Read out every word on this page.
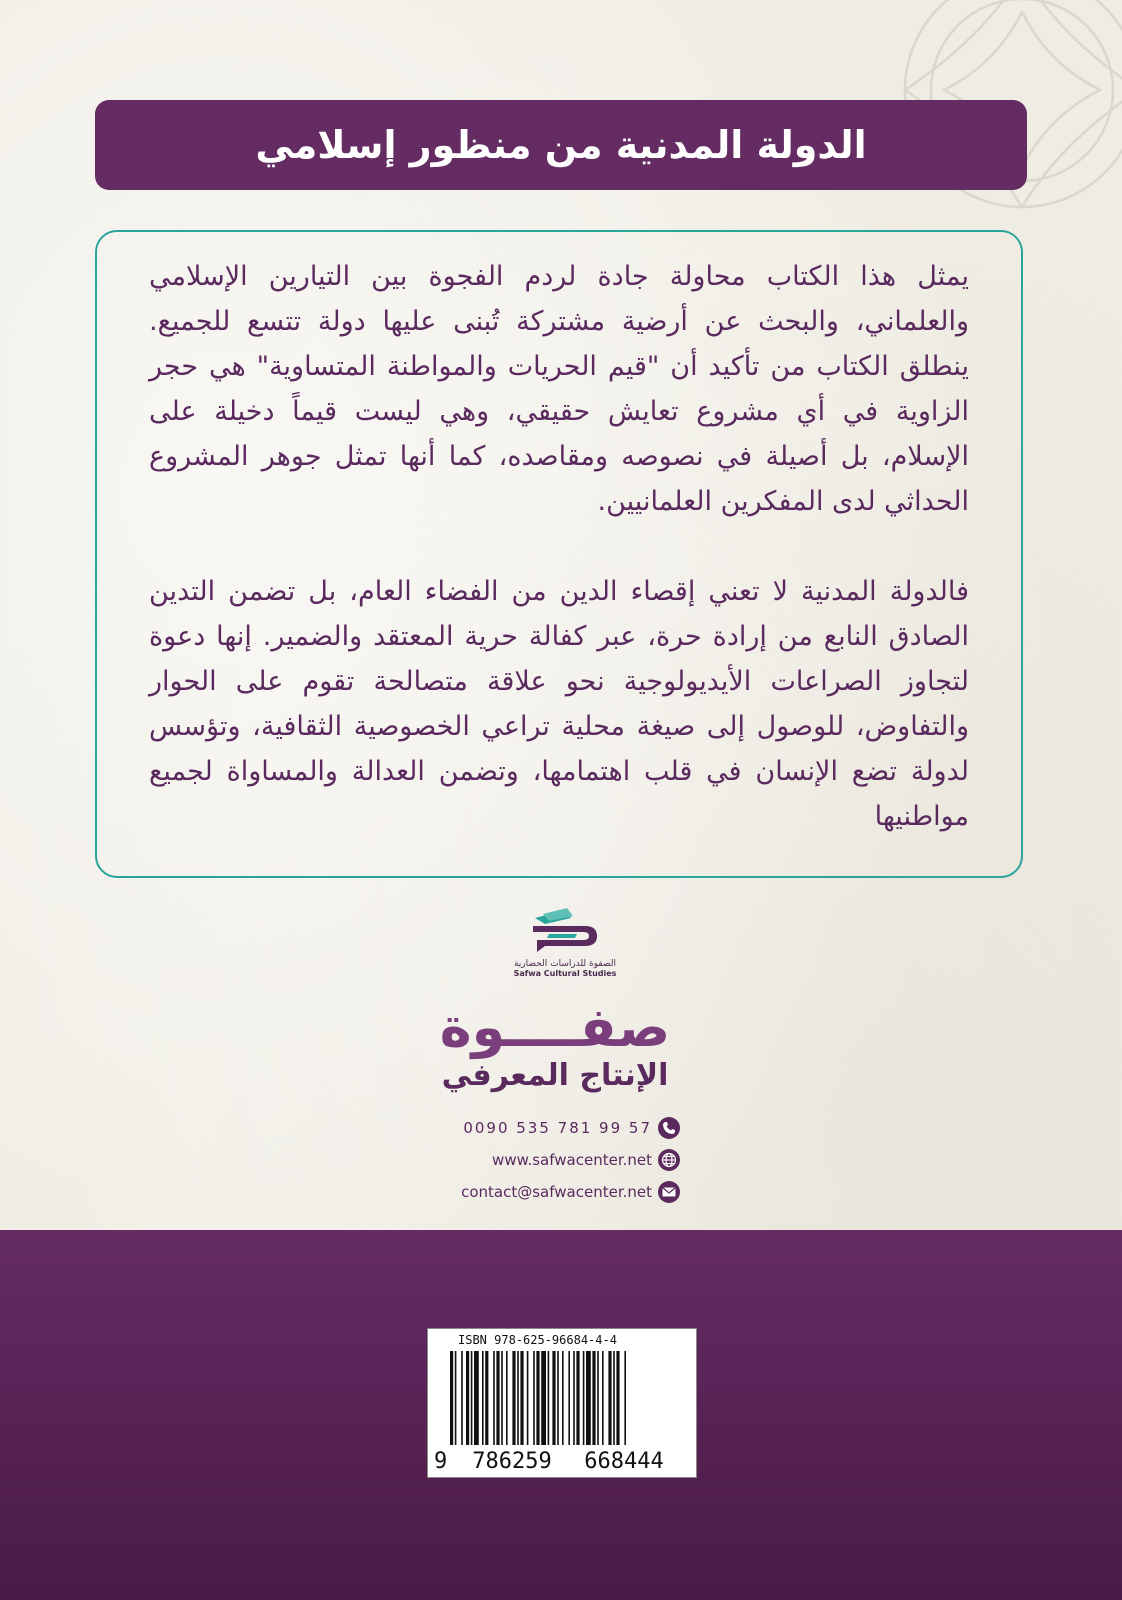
الدولة المدنية من منظور إسلامي

يمثل هذا الكتاب محاولة جادة لردم الفجوة بين التيارين الإسلامي والعلماني، والبحث عن أرضية مشتركة تُبنى عليها دولة تتسع للجميع. ينطلق الكتاب من تأكيد أن "قيم الحريات والمواطنة المتساوية" هي حجر الزاوية في أي مشروع تعايش حقيقي، وهي ليست قيماً دخيلة على الإسلام، بل أصيلة في نصوصه ومقاصده، كما أنها تمثل جوهر المشروع الحداثي لدى المفكرين العلمانيين.

فالدولة المدنية لا تعني إقصاء الدين من الفضاء العام، بل تضمن التدين الصادق النابع من إرادة حرة، عبر كفالة حرية المعتقد والضمير. إنها دعوة لتجاوز الصراعات الأيديولوجية نحو علاقة متصالحة تقوم على الحوار والتفاوض، للوصول إلى صيغة محلية تراعي الخصوصية الثقافية، وتؤسس لدولة تضع الإنسان في قلب اهتمامها، وتضمن العدالة والمساواة لجميع مواطنيها

الصفوة للدراسات الحضارية
Safwa Cultural Studies
صفــــوة
الإنتاج المعرفي
0090 535 781 99 57
www.safwacenter.net
contact@safwacenter.net
ISBN 978-625-96684-4-4
9	786259	668444
